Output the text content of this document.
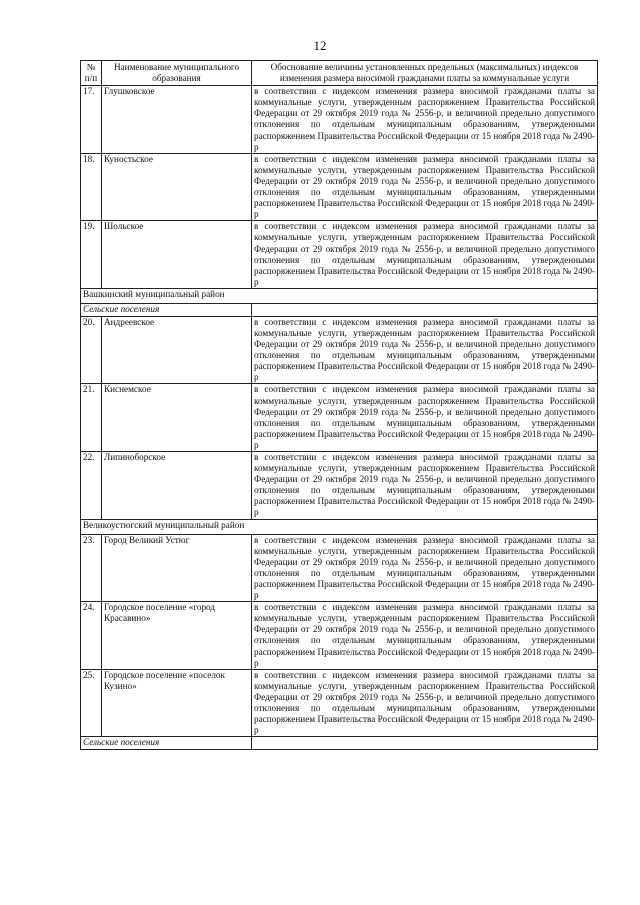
12
№ п/п	Наименование муниципального образования	Обоснование величины установленных предельных (максимальных) индексов изменения размера вносимой гражданами платы за коммунальные услуги
17.	Глушковское	в соответствии с индексом изменения размера вносимой гражданами платы за коммунальные услуги, утвержденным распоряжением Правительства Российской Федерации от 29 октября 2019 года № 2556-р, и величиной предельно допустимого отклонения по отдельным муниципальным образованиям, утвержденными распоряжением Правительства Российской Федерации от 15 ноября 2018 года № 2490-р
18.	Куностьское	в соответствии с индексом изменения размера вносимой гражданами платы за коммунальные услуги, утвержденным распоряжением Правительства Российской Федерации от 29 октября 2019 года № 2556-р, и величиной предельно допустимого отклонения по отдельным муниципальным образованиям, утвержденными распоряжением Правительства Российской Федерации от 15 ноября 2018 года № 2490-р
19.	Шольское	в соответствии с индексом изменения размера вносимой гражданами платы за коммунальные услуги, утвержденным распоряжением Правительства Российской Федерации от 29 октября 2019 года № 2556-р, и величиной предельно допустимого отклонения по отдельным муниципальным образованиям, утвержденными распоряжением Правительства Российской Федерации от 15 ноября 2018 года № 2490-р
Вашкинский муниципальный район		
Сельские поселения		
20.	Андреевское	в соответствии с индексом изменения размера вносимой гражданами платы за коммунальные услуги, утвержденным распоряжением Правительства Российской Федерации от 29 октября 2019 года № 2556-р, и величиной предельно допустимого отклонения по отдельным муниципальным образованиям, утвержденными распоряжением Правительства Российской Федерации от 15 ноября 2018 года № 2490-р
21.	Киснемское	в соответствии с индексом изменения размера вносимой гражданами платы за коммунальные услуги, утвержденным распоряжением Правительства Российской Федерации от 29 октября 2019 года № 2556-р, и величиной предельно допустимого отклонения по отдельным муниципальным образованиям, утвержденными распоряжением Правительства Российской Федерации от 15 ноября 2018 года № 2490-р
22.	Липиноборское	в соответствии с индексом изменения размера вносимой гражданами платы за коммунальные услуги, утвержденным распоряжением Правительства Российской Федерации от 29 октября 2019 года № 2556-р, и величиной предельно допустимого отклонения по отдельным муниципальным образованиям, утвержденными распоряжением Правительства Российской Федерации от 15 ноября 2018 года № 2490-р
Великоустюгский муниципальный район		
23.	Город Великий Устюг	в соответствии с индексом изменения размера вносимой гражданами платы за коммунальные услуги, утвержденным распоряжением Правительства Российской Федерации от 29 октября 2019 года № 2556-р, и величиной предельно допустимого отклонения по отдельным муниципальным образованиям, утвержденными распоряжением Правительства Российской Федерации от 15 ноября 2018 года № 2490-р
24.	Городское поселение «город Красавино»	в соответствии с индексом изменения размера вносимой гражданами платы за коммунальные услуги, утвержденным распоряжением Правительства Российской Федерации от 29 октября 2019 года № 2556-р, и величиной предельно допустимого отклонения по отдельным муниципальным образованиям, утвержденными распоряжением Правительства Российской Федерации от 15 ноября 2018 года № 2490-р
25.	Городское поселение «поселок Кузино»	в соответствии с индексом изменения размера вносимой гражданами платы за коммунальные услуги, утвержденным распоряжением Правительства Российской Федерации от 29 октября 2019 года № 2556-р, и величиной предельно допустимого отклонения по отдельным муниципальным образованиям, утвержденными распоряжением Правительства Российской Федерации от 15 ноября 2018 года № 2490-р
Сельские поселения		
